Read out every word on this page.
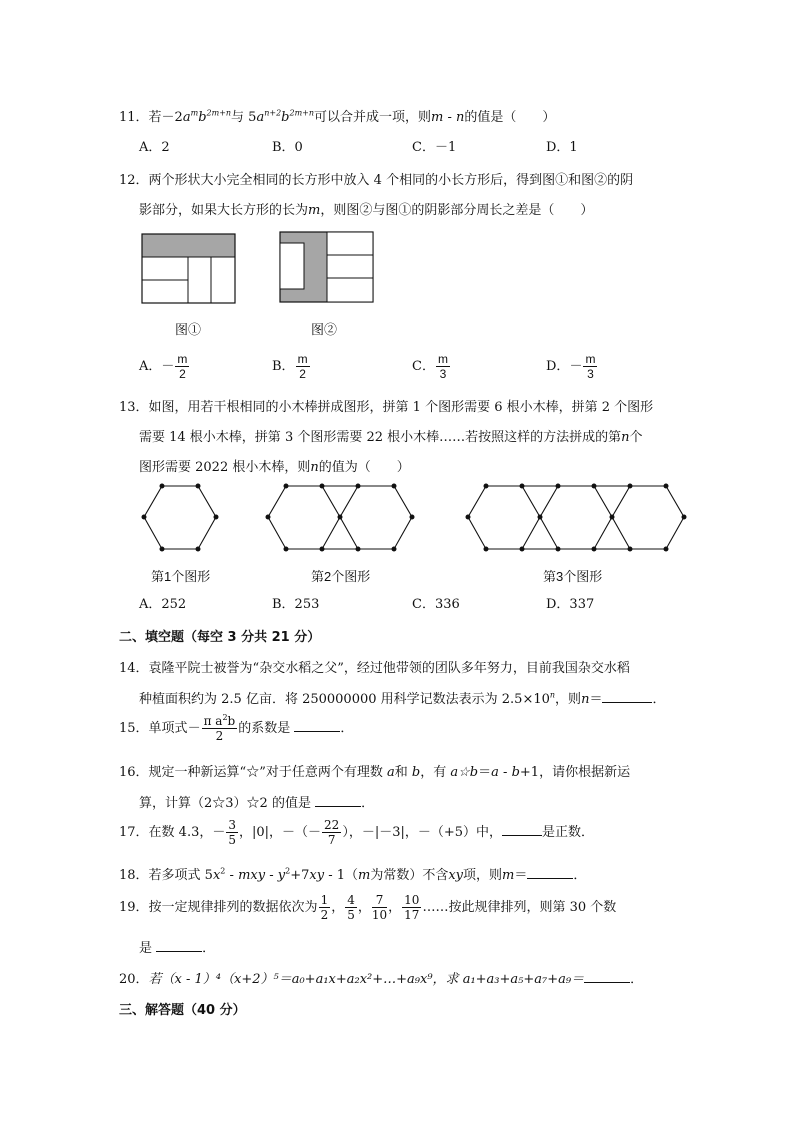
11．若$-2a^mb^{2m+n}$与 $5a^{n+2}b^{2m+n}$可以合并成一项，则m - n的值是（　　）
A．2	B．0	C．－1	D．1
12．两个形状大小完全相同的长方形中放入 4 个相同的小长方形后，得到图①和图②的阴
影部分，如果大长方形的长为m，则图②与图①的阴影部分周长之差是（　　）
图①	图②
A．－ $\frac{m}{2}$	B． $\frac{m}{2}$	C． $\frac{m}{3}$	D．－ $\frac{m}{3}$
13．如图，用若干根相同的小木棒拼成图形，拼第 1 个图形需要 6 根小木棒，拼第 2 个图形
需要 14 根小木棒，拼第 3 个图形需要 22 根小木棒……若按照这样的方法拼成的第n个
图形需要 2022 根小木棒，则n的值为（　　）
第1个图形	第2个图形	第3个图形
A．252	B．253	C．336	D．337
二、填空题（每空 3 分共 21 分）
14．袁隆平院士被誉为“杂交水稻之父”，经过他带领的团队多年努力，目前我国杂交水稻
种植面积约为 2.5 亿亩．将 250000000 用科学记数法表示为 $2.5\times 10^n$，则n＝	．
15．单项式－ $\frac{\pi a^2b}{2}$ 的系数是	．
16．规定一种新运算“☆”对于任意两个有理数 a和 b，有 a☆b＝a - b+1，请你根据新运
算，计算（2☆3）☆2 的值是	．
17．在数 4.3，－ $\frac{3}{5}$ ，|0|，－（－ $\frac{22}{7}$ ），－|－3|，－（+5）中，	是正数．
18．若多项式 $5x^2$ - mxy - $y^2+7xy - 1(m$为常数）不含xy项，则m＝	．
19．按一定规律排列的数据依次为 $\frac{1}{2}$ ， $\frac{4}{5}$ ， $\frac{7}{10}$ ， $\frac{10}{17}$ ……按此规律排列，则第 30 个数
是	．
20．若（x - 1）⁴（x+2）⁵＝a₀+a₁x+a₂x²+…+a₉x⁹，求 a₁+a₃+a₅+a₇+a₉＝	．
三、解答题（40 分）
